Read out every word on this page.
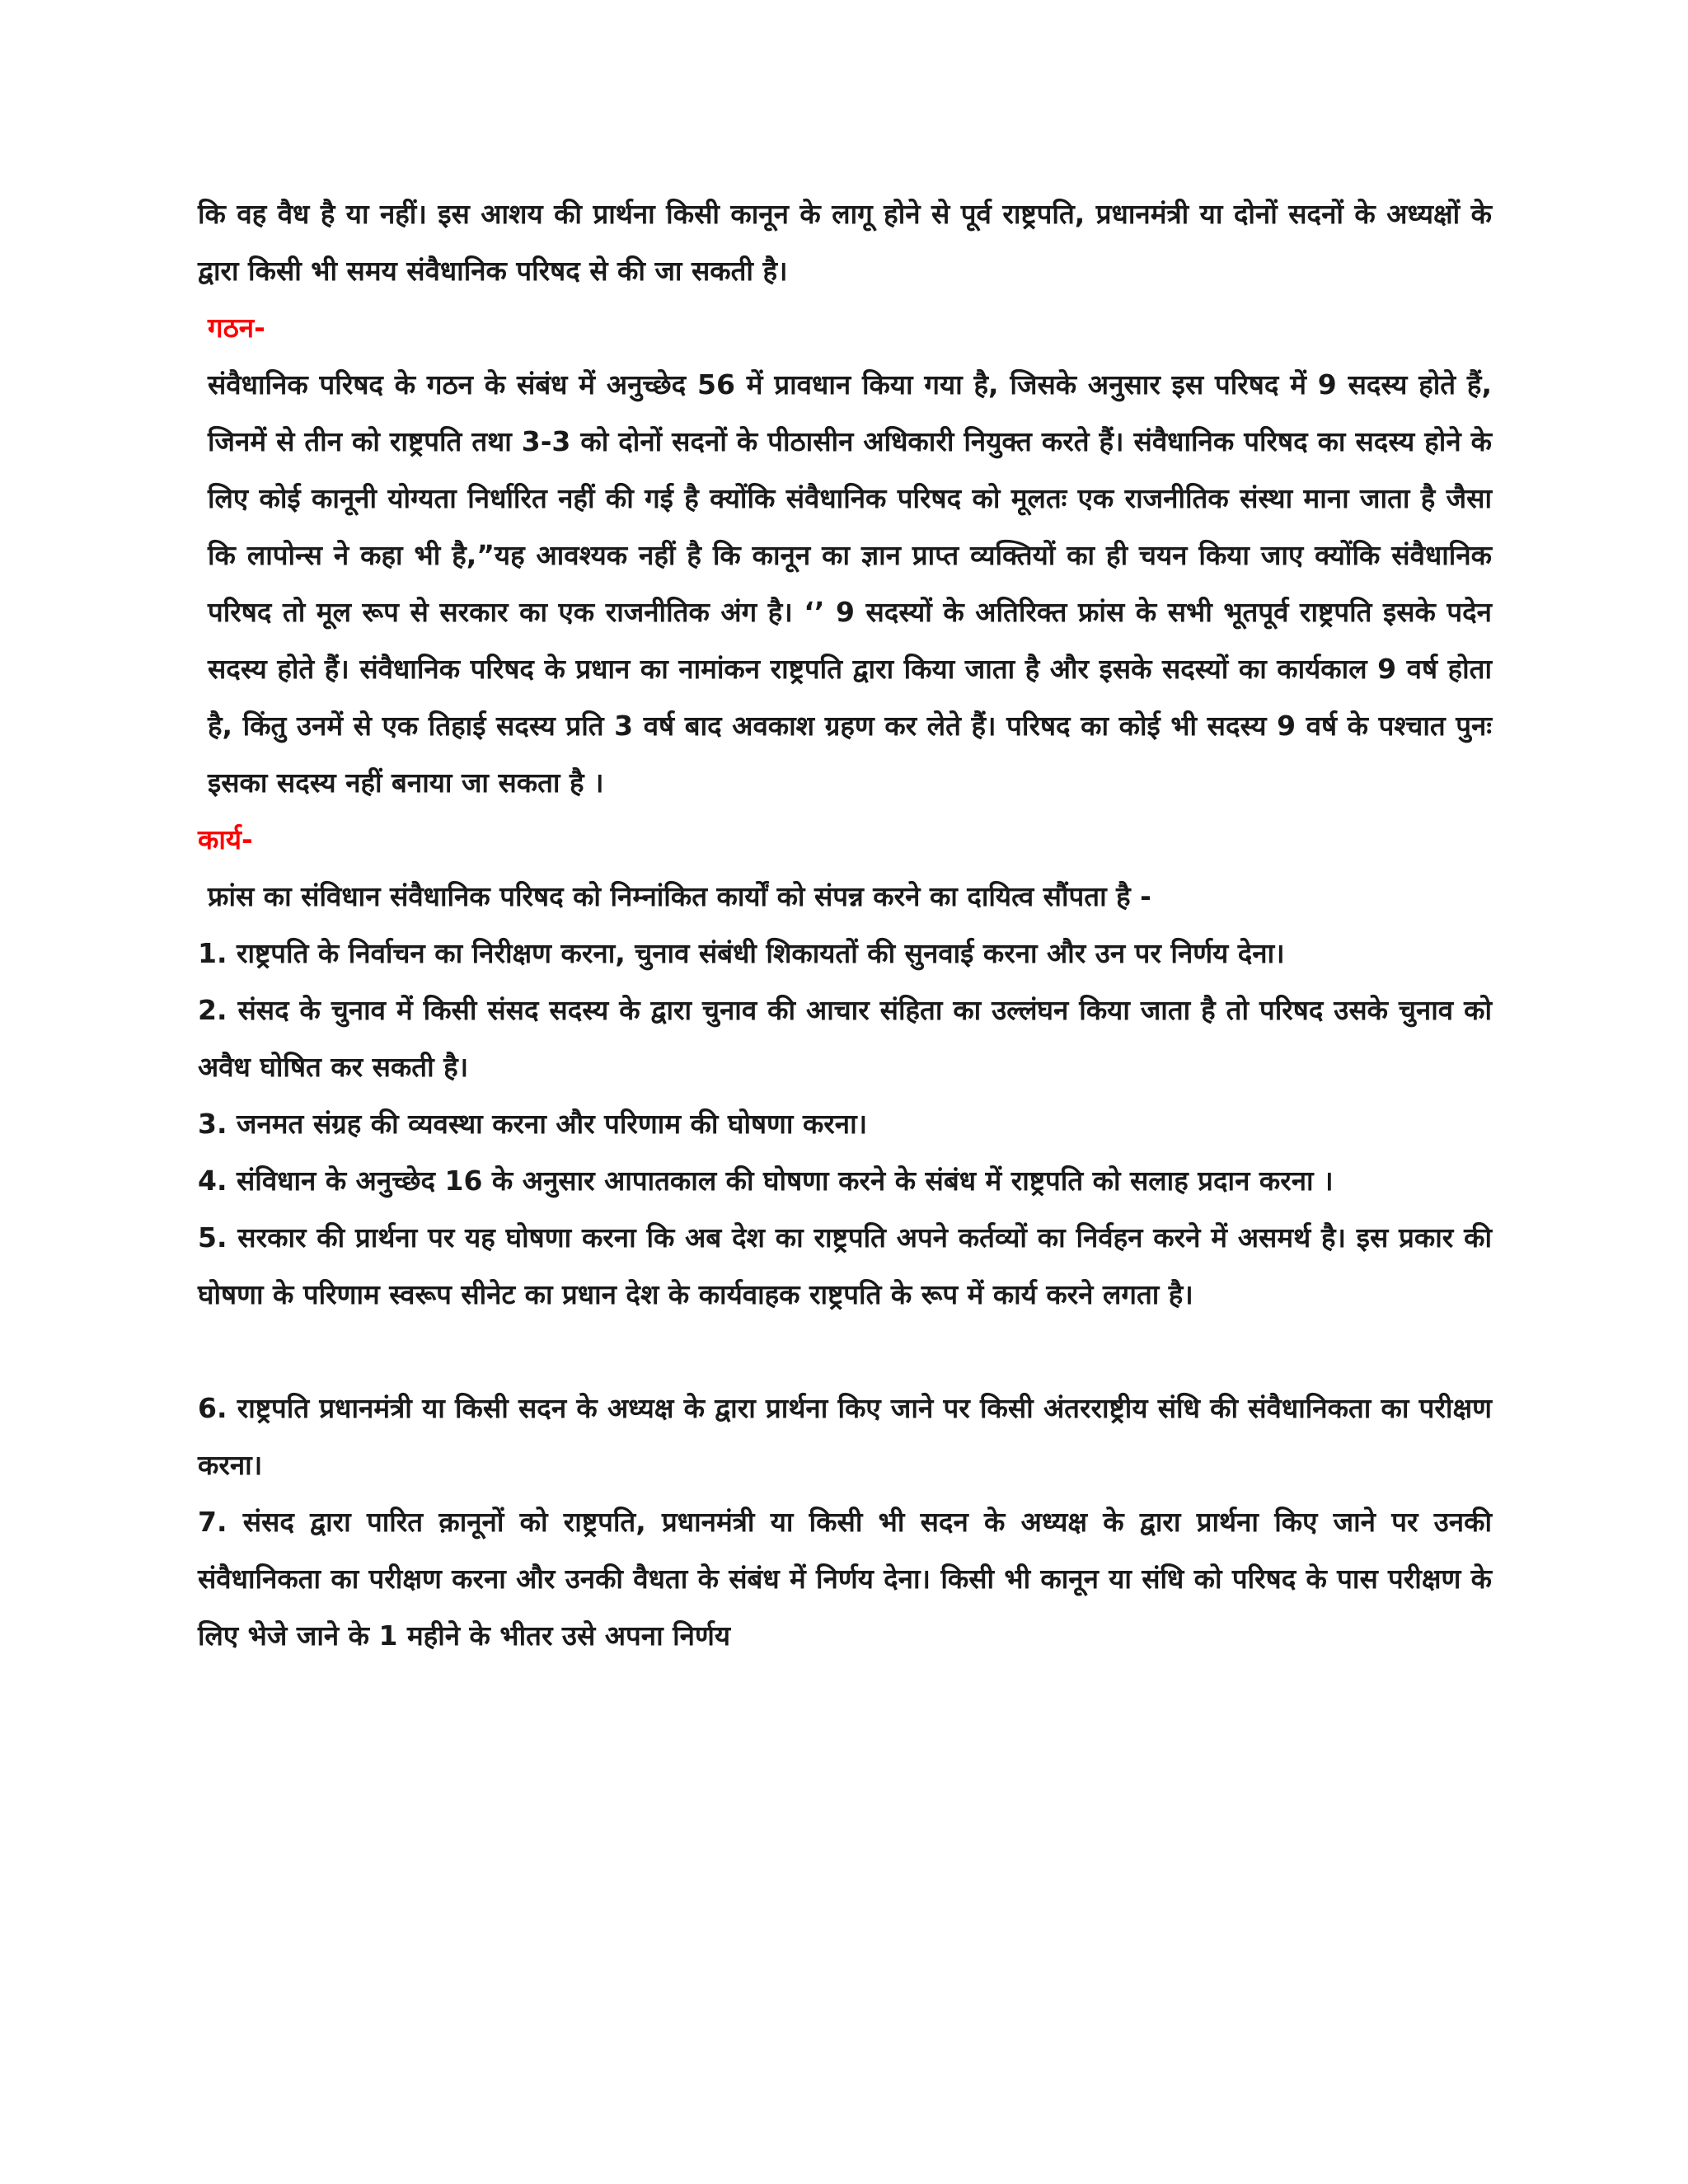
कि वह वैध है या नहीं। इस आशय की प्रार्थना किसी कानून के लागू होने से पूर्व राष्ट्रपति, प्रधानमंत्री या दोनों सदनों के अध्यक्षों के द्वारा किसी भी समय संवैधानिक परिषद से की जा सकती है।

गठन-

संवैधानिक परिषद के गठन के संबंध में अनुच्छेद 56 में प्रावधान किया गया है, जिसके अनुसार इस परिषद में 9 सदस्य होते हैं, जिनमें से तीन को राष्ट्रपति तथा 3-3 को दोनों सदनों के पीठासीन अधिकारी नियुक्त करते हैं। संवैधानिक परिषद का सदस्य होने के लिए कोई कानूनी योग्यता निर्धारित नहीं की गई है क्योंकि संवैधानिक परिषद को मूलतः एक राजनीतिक संस्था माना जाता है जैसा कि लापोन्स ने कहा भी है,”यह आवश्यक नहीं है कि कानून का ज्ञान प्राप्त व्यक्तियों का ही चयन किया जाए क्योंकि संवैधानिक परिषद तो मूल रूप से सरकार का एक राजनीतिक अंग है। ‘’ 9 सदस्यों के अतिरिक्त फ्रांस के सभी भूतपूर्व राष्ट्रपति इसके पदेन सदस्य होते हैं। संवैधानिक परिषद के प्रधान का नामांकन राष्ट्रपति द्वारा किया जाता है और इसके सदस्यों का कार्यकाल 9 वर्ष होता है, किंतु उनमें से एक तिहाई सदस्य प्रति 3 वर्ष बाद अवकाश ग्रहण कर लेते हैं। परिषद का कोई भी सदस्य 9 वर्ष के पश्चात पुनः इसका सदस्य नहीं बनाया जा सकता है ।

कार्य-

फ्रांस का संविधान संवैधानिक परिषद को निम्नांकित कार्यों को संपन्न करने का दायित्व सौंपता है -

1. राष्ट्रपति के निर्वाचन का निरीक्षण करना, चुनाव संबंधी शिकायतों की सुनवाई करना और उन पर निर्णय देना।

2. संसद के चुनाव में किसी संसद सदस्य के द्वारा चुनाव की आचार संहिता का उल्लंघन किया जाता है तो परिषद उसके चुनाव को अवैध घोषित कर सकती है।

3. जनमत संग्रह की व्यवस्था करना और परिणाम की घोषणा करना।

4. संविधान के अनुच्छेद 16 के अनुसार आपातकाल की घोषणा करने के संबंध में राष्ट्रपति को सलाह प्रदान करना ।

5. सरकार की प्रार्थना पर यह घोषणा करना कि अब देश का राष्ट्रपति अपने कर्तव्यों का निर्वहन करने में असमर्थ है। इस प्रकार की घोषणा के परिणाम स्वरूप सीनेट का प्रधान देश के कार्यवाहक राष्ट्रपति के रूप में कार्य करने लगता है।

6. राष्ट्रपति प्रधानमंत्री या किसी सदन के अध्यक्ष के द्वारा प्रार्थना किए जाने पर किसी अंतरराष्ट्रीय संधि की संवैधानिकता का परीक्षण करना।

7. संसद द्वारा पारित क़ानूनों को राष्ट्रपति, प्रधानमंत्री या किसी भी सदन के अध्यक्ष के द्वारा प्रार्थना किए जाने पर उनकी संवैधानिकता का परीक्षण करना और उनकी वैधता के संबंध में निर्णय देना। किसी भी कानून या संधि को परिषद के पास परीक्षण के लिए भेजे जाने के 1 महीने के भीतर उसे अपना निर्णय
